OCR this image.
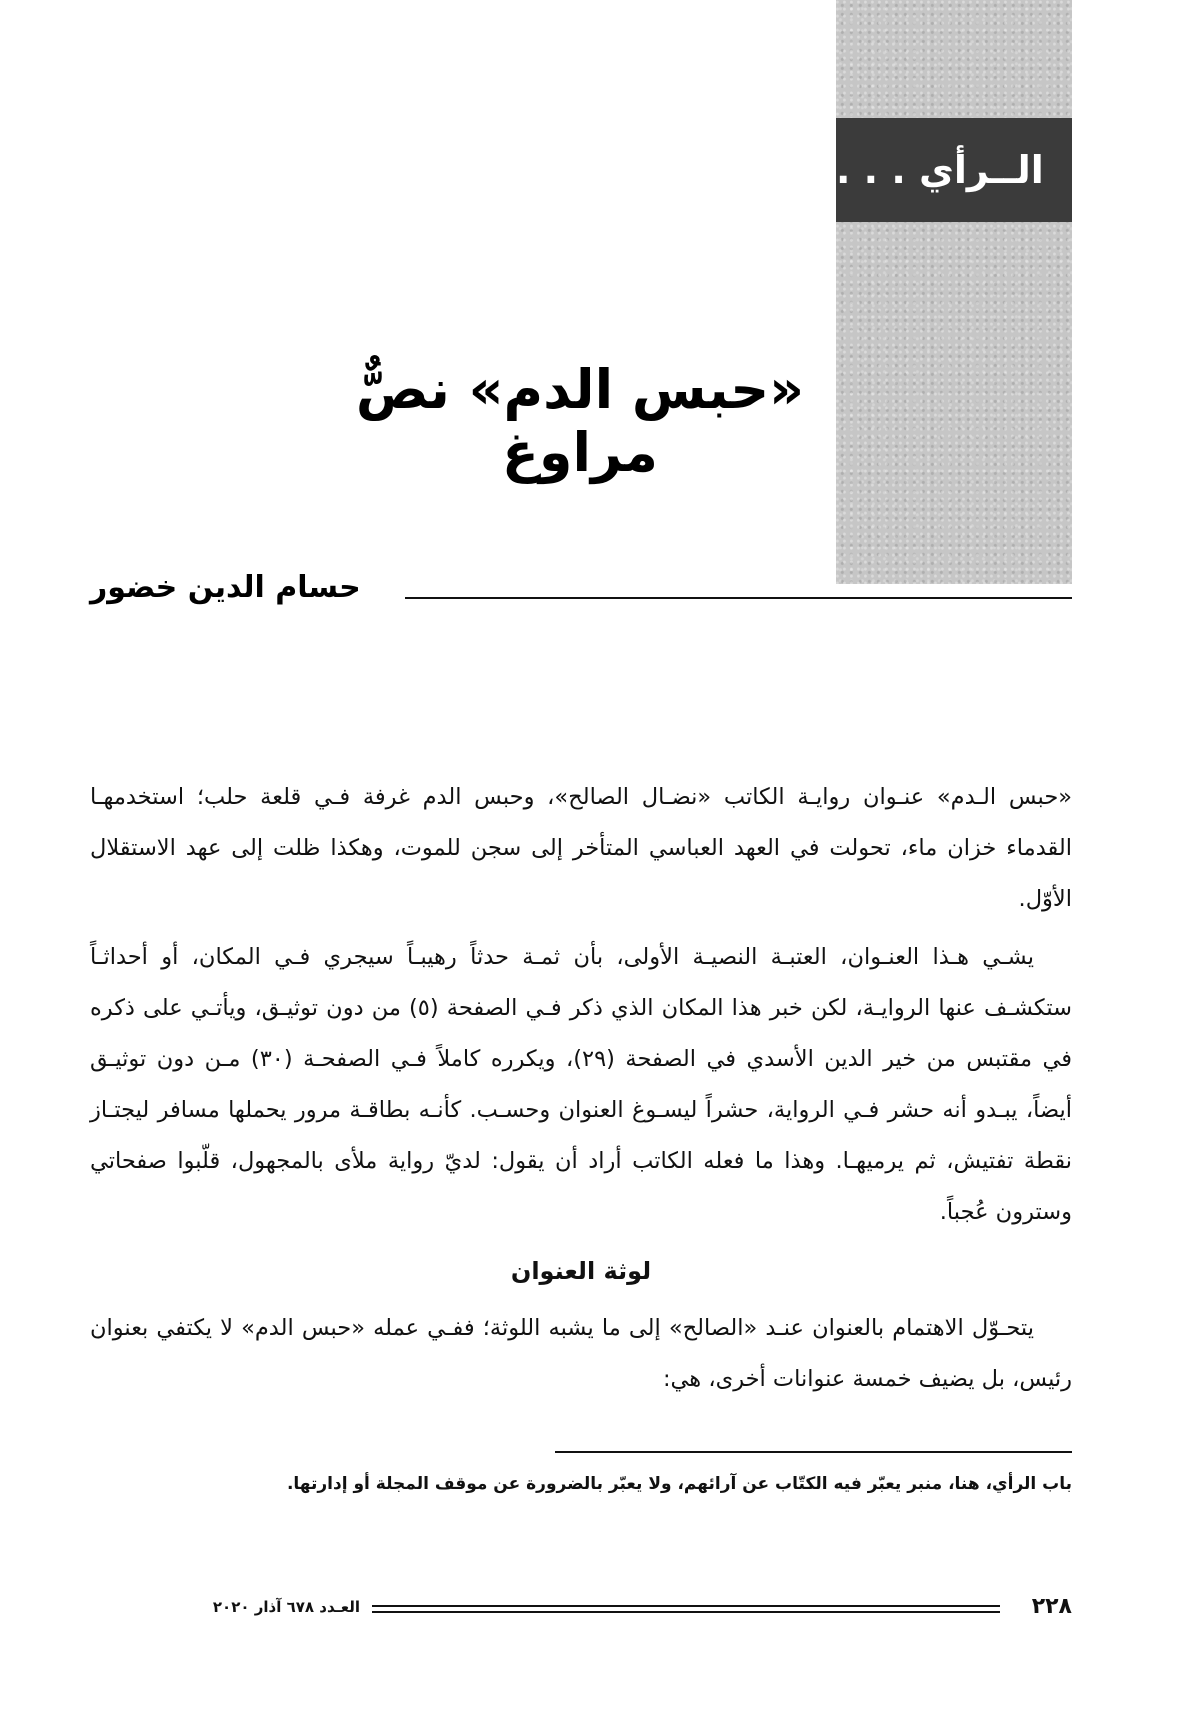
الــرأي . . .
«حبس الدم» نصٌّ مراوغ
حسام الدين خضور

«حبس الـدم» عنـوان روايـة الكاتب «نضـال الصالح»، وحبس الدم غرفة فـي قلعة حلب؛ استخدمهـا القدماء خزان ماء، تحولت في العهد العباسي المتأخر إلى سجن للموت، وهكذا ظلت إلى عهد الاستقلال الأوّل.

يشـي هـذا العنـوان، العتبـة النصيـة الأولى، بأن ثمـة حدثاً رهيبـاً سيجري فـي المكان، أو أحداثـاً ستكشـف عنها الروايـة، لكن خبر هذا المكان الذي ذكر فـي الصفحة (٥) من دون توثيـق، ويأتـي على ذكره في مقتبس من خير الدين الأسدي في الصفحة (٢٩)، ويكرره كاملاً فـي الصفحـة (٣٠) مـن دون توثيـق أيضاً، يبـدو أنه حشر فـي الرواية، حشراً ليسـوغ العنوان وحسـب. كأنـه بطاقـة مرور يحملها مسافر ليجتـاز نقطة تفتيش، ثم يرميهـا. وهذا ما فعله الكاتب أراد أن يقول: لديّ رواية ملأى بالمجهول، قلّبوا صفحاتي وسترون عُجباً.

لوثة العنوان

يتحـوّل الاهتمام بالعنوان عنـد «الصالح» إلى ما يشبه اللوثة؛ ففـي عمله «حبس الدم» لا يكتفي بعنوان رئيس، بل يضيف خمسة عنوانات أخرى، هي:

باب الرأي، هنا، منبر يعبّر فيه الكتّاب عن آرائهم، ولا يعبّر بالضرورة عن موقف المجلة أو إدارتها.
٢٢٨
العـدد ٦٧٨ آذار ٢٠٢٠
